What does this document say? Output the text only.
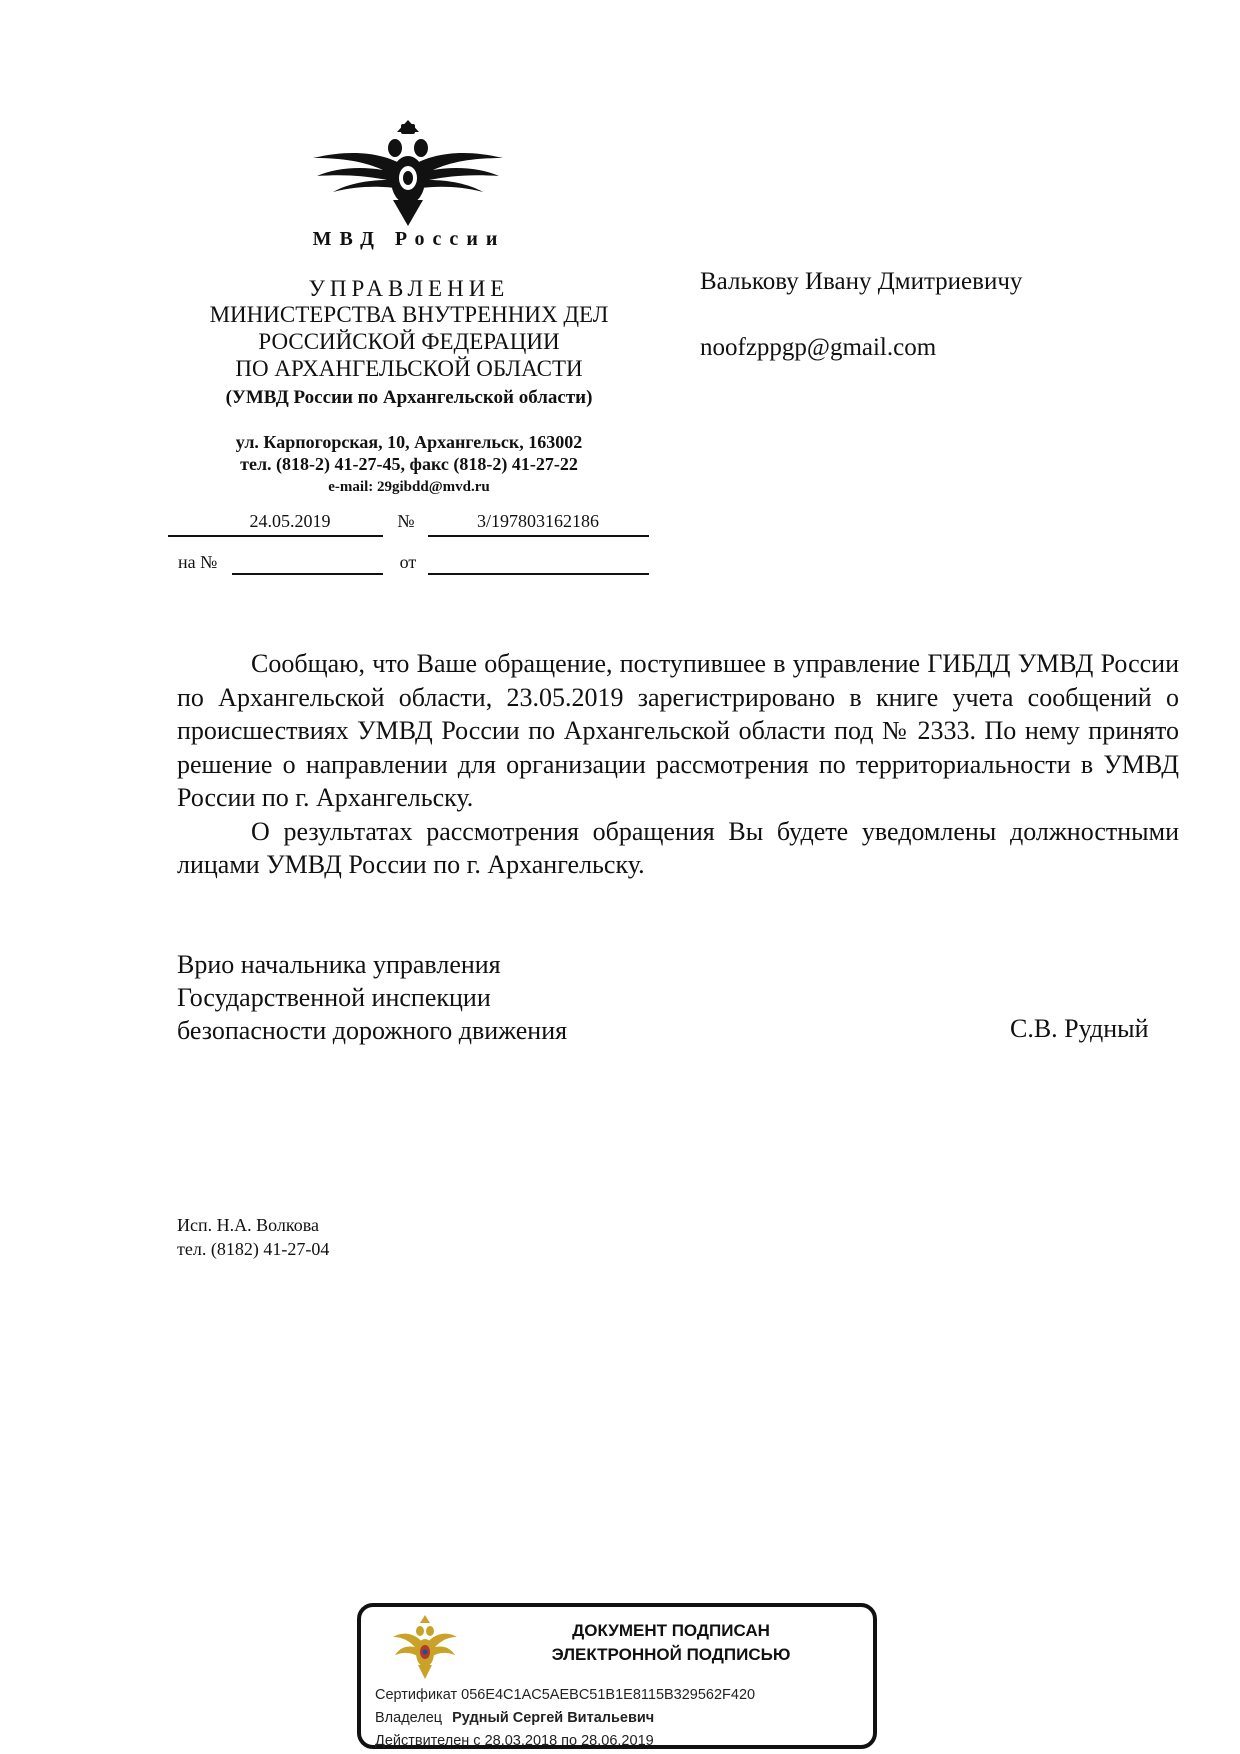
МВД России
УПРАВЛЕНИЕ
МИНИСТЕРСТВА ВНУТРЕННИХ ДЕЛ
РОССИЙСКОЙ ФЕДЕРАЦИИ
ПО АРХАНГЕЛЬСКОЙ ОБЛАСТИ
(УМВД России по Архангельской области)
ул. Карпогорская, 10, Архангельск, 163002
тел. (818-2) 41-27-45, факс (818-2) 41-27-22
e-mail: 29gibdd@mvd.ru
24.05.2019	№	3/197803162186
на №	от
Валькову Ивану Дмитриевичу
noofzppgp@gmail.com

Сообщаю, что Ваше обращение, поступившее в управление ГИБДД УМВД России по Архангельской области, 23.05.2019 зарегистрировано в книге учета сообщений о происшествиях УМВД России по Архангельской области под № 2333. По нему принято решение о направлении для организации рассмотрения по территориальности в УМВД России по г. Архангельску.

О результатах рассмотрения обращения Вы будете уведомлены должностными лицами УМВД России по г. Архангельску.

Врио начальника управления
Государственной инспекции
безопасности дорожного движения	С.В. Рудный
Исп. Н.А. Волкова
тел. (8182) 41-27-04
ДОКУМЕНТ ПОДПИСАН
ЭЛЕКТРОННОЙ ПОДПИСЬЮ
Сертификат 056E4C1AC5AEBC51B1E8115B329562F420
Владелец Рудный Сергей Витальевич
Действителен с 28.03.2018 по 28.06.2019
